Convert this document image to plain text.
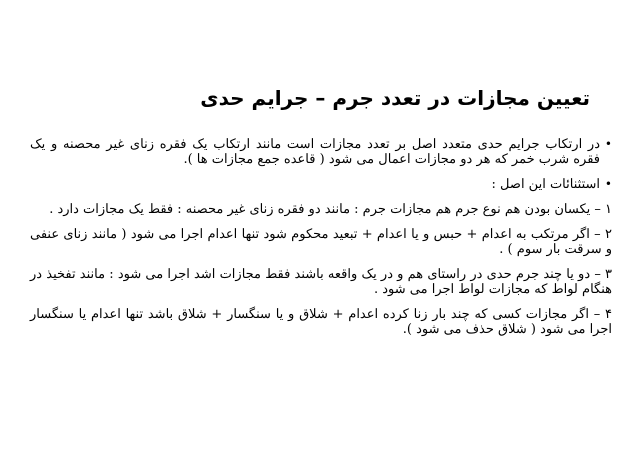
تعیین مجازات در تعدد جرم – جرایم حدی
•
در ارتکاب جرایم حدی متعدد اصل بر تعدد مجازات است مانند ارتکاب یک فقره زنای غیر محصنه و یک فقره شرب خمر که هر دو مجازات اعمال می شود ( قاعده جمع مجازات ها ).
•
استثنائات این اصل :
۱ – یکسان بودن هم نوع جرم هم مجازات جرم : مانند دو فقره زنای غیر محصنه : فقط یک مجازات دارد .
۲ – اگر مرتکب به اعدام + حبس و یا اعدام + تبعید محکوم شود تنها اعدام اجرا می شود ( مانند زنای عنفی و سرقت بار سوم ) .
۳ – دو یا چند جرم حدی در راستای هم و در یک واقعه باشند فقط مجازات اشد اجرا می شود : مانند تفخیذ در هنگام لواط که مجازات لواط اجرا می شود .
۴ – اگر مجازات کسی که چند بار زنا کرده اعدام + شلاق و یا سنگسار + شلاق باشد تنها اعدام یا سنگسار اجرا می شود ( شلاق حذف می شود ).
